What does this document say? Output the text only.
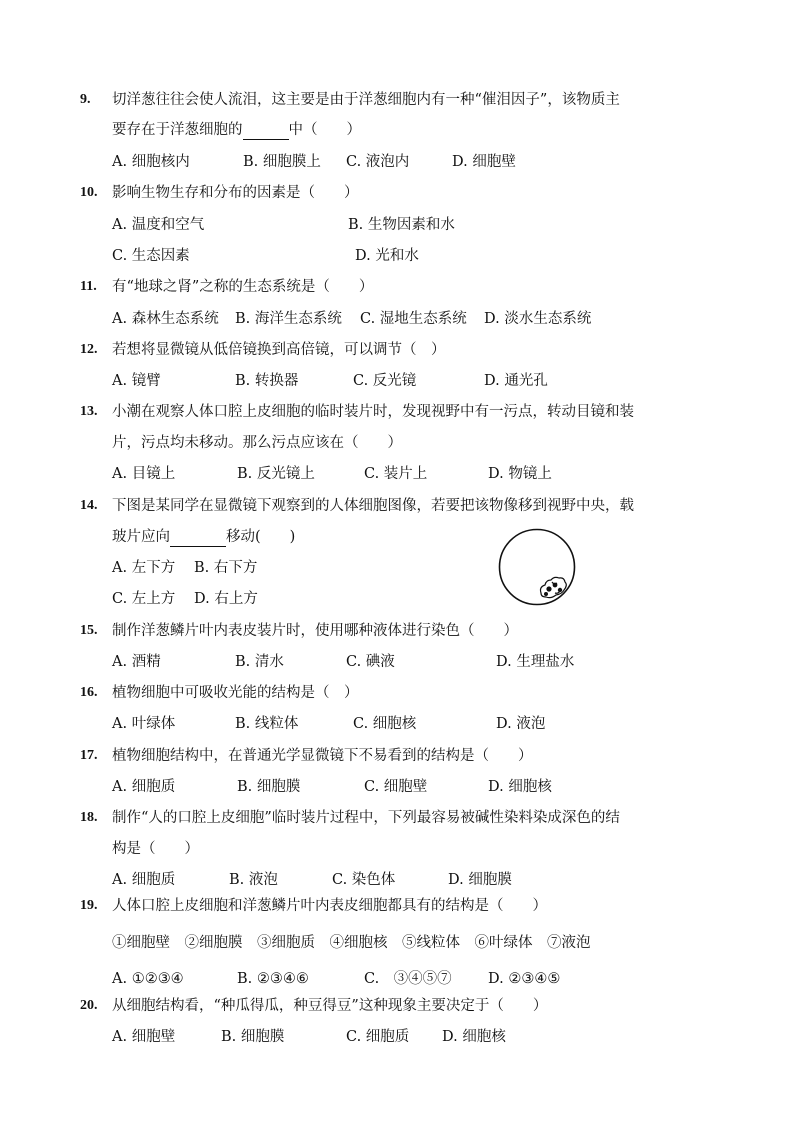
9. 切洋葱往往会使人流泪，这主要是由于洋葱细胞内有一种“催泪因子”，该物质主
要存在于洋葱细胞的	中（　　）
A. 细胞核内	B. 细胞膜上 C. 液泡内	D. 细胞壁
10. 影响生物生存和分布的因素是（　　）
A. 温度和空气	B. 生物因素和水
C. 生态因素	D. 光和水
11. 有“地球之肾”之称的生态系统是（　　）
A. 森林生态系统 B. 海洋生态系统 C. 湿地生态系统 D. 淡水生态系统
12. 若想将显微镜从低倍镜换到高倍镜，可以调节（　）
A. 镜臂	B. 转换器	C. 反光镜	D. 通光孔
13. 小潮在观察人体口腔上皮细胞的临时装片时，发现视野中有一污点，转动目镜和装
片，污点均未移动。那么污点应该在（　　）
A. 目镜上	B. 反光镜上	C. 装片上	D. 物镜上
14. 下图是某同学在显微镜下观察到的人体细胞图像，若要把该物像移到视野中央，载
玻片应向	移动(　　)
A. 左下方 B. 右下方
C. 左上方 D. 右上方
15. 制作洋葱鳞片叶内表皮装片时，使用哪种液体进行染色（　　）
A. 酒精	B. 清水	C. 碘液	D. 生理盐水
16. 植物细胞中可吸收光能的结构是（　）
A. 叶绿体	B. 线粒体	C. 细胞核	D. 液泡
17. 植物细胞结构中，在普通光学显微镜下不易看到的结构是（　　）
A. 细胞质	B. 细胞膜	C. 细胞壁	D. 细胞核
18. 制作“人的口腔上皮细胞”临时装片过程中，下列最容易被碱性染料染成深色的结
构是（　　）
A. 细胞质	B. 液泡	C. 染色体	D. 细胞膜
19. 人体口腔上皮细胞和洋葱鳞片叶内表皮细胞都具有的结构是（　　）
①细胞壁　②细胞膜　③细胞质　④细胞核　⑤线粒体　⑥叶绿体　⑦液泡
A. ①②③④	B. ②③④⑥	C.　③④⑤⑦	D. ②③④⑤
20. 从细胞结构看，“种瓜得瓜，种豆得豆”这种现象主要决定于（　　）
A. 细胞壁	B. 细胞膜	C. 细胞质 D. 细胞核
